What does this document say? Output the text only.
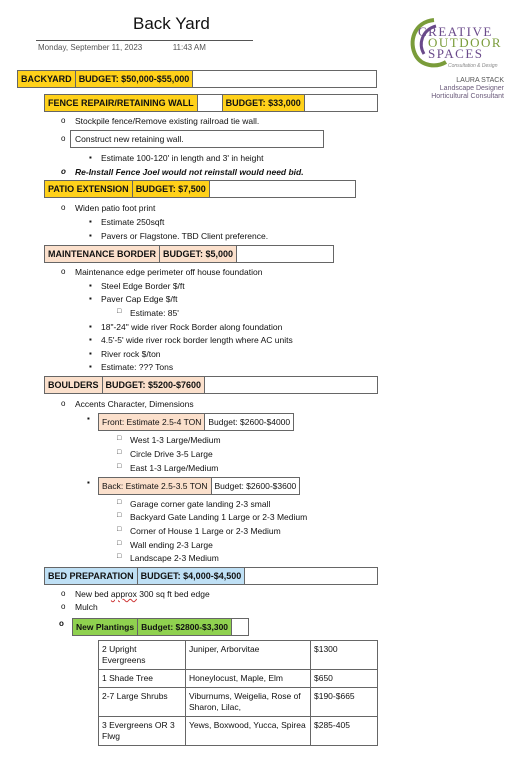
Back Yard
Monday, September 11, 2023	11:43 AM
CREATIVE
OUTDOOR
SPACES
Consultation & Design
LAURA STACK
Landscape Designer
Horticultural Consultant
BACKYARD BUDGET: $50,000-$55,000
FENCE REPAIR/RETAINING WALL	BUDGET: $33,000
o Stockpile fence/Remove existing railroad tie wall.
o Construct new retaining wall.
▪ Estimate 100-120' in length and 3' in height
o Re-Install Fence Joel would not reinstall would need bid.
PATIO EXTENSION BUDGET: $7,500
o Widen patio foot print
▪ Estimate 250sqft
▪ Pavers or Flagstone. TBD Client preference.
MAINTENANCE BORDER BUDGET: $5,000
o Maintenance edge perimeter off house foundation
▪ Steel Edge Border $/ft
▪ Paver Cap Edge $/ft
□ Estimate: 85'
▪ 18"-24" wide river Rock Border along foundation
▪ 4.5'-5' wide river rock border length where AC units
▪ River rock $/ton
▪ Estimate: ??? Tons
BOULDERS BUDGET: $5200-$7600
o Accents Character, Dimensions
▪ Front: Estimate 2.5-4 TON Budget: $2600-$4000
□ West 1-3 Large/Medium
□ Circle Drive 3-5 Large
□ East 1-3 Large/Medium
▪ Back: Estimate 2.5-3.5 TON Budget: $2600-$3600
□ Garage corner gate landing 2-3 small
□ Backyard Gate Landing 1 Large or 2-3 Medium
□ Corner of House 1 Large or 2-3 Medium
□ Wall ending 2-3 Large
□ Landscape 2-3 Medium
BED PREPARATION BUDGET: $4,000-$4,500
o New bed approx 300 sq ft bed edge
o Mulch
o New Plantings Budget: $2800-$3,300
2 Upright Evergreens	Juniper, Arborvitae	$1300
1 Shade Tree	Honeylocust, Maple, Elm	$650
2-7 Large Shrubs	Viburnums, Weigelia, Rose of Sharon, Lilac,	$190-$665
3 Evergreens OR 3 Flwg	Yews, Boxwood, Yucca, Spirea	$285-405
